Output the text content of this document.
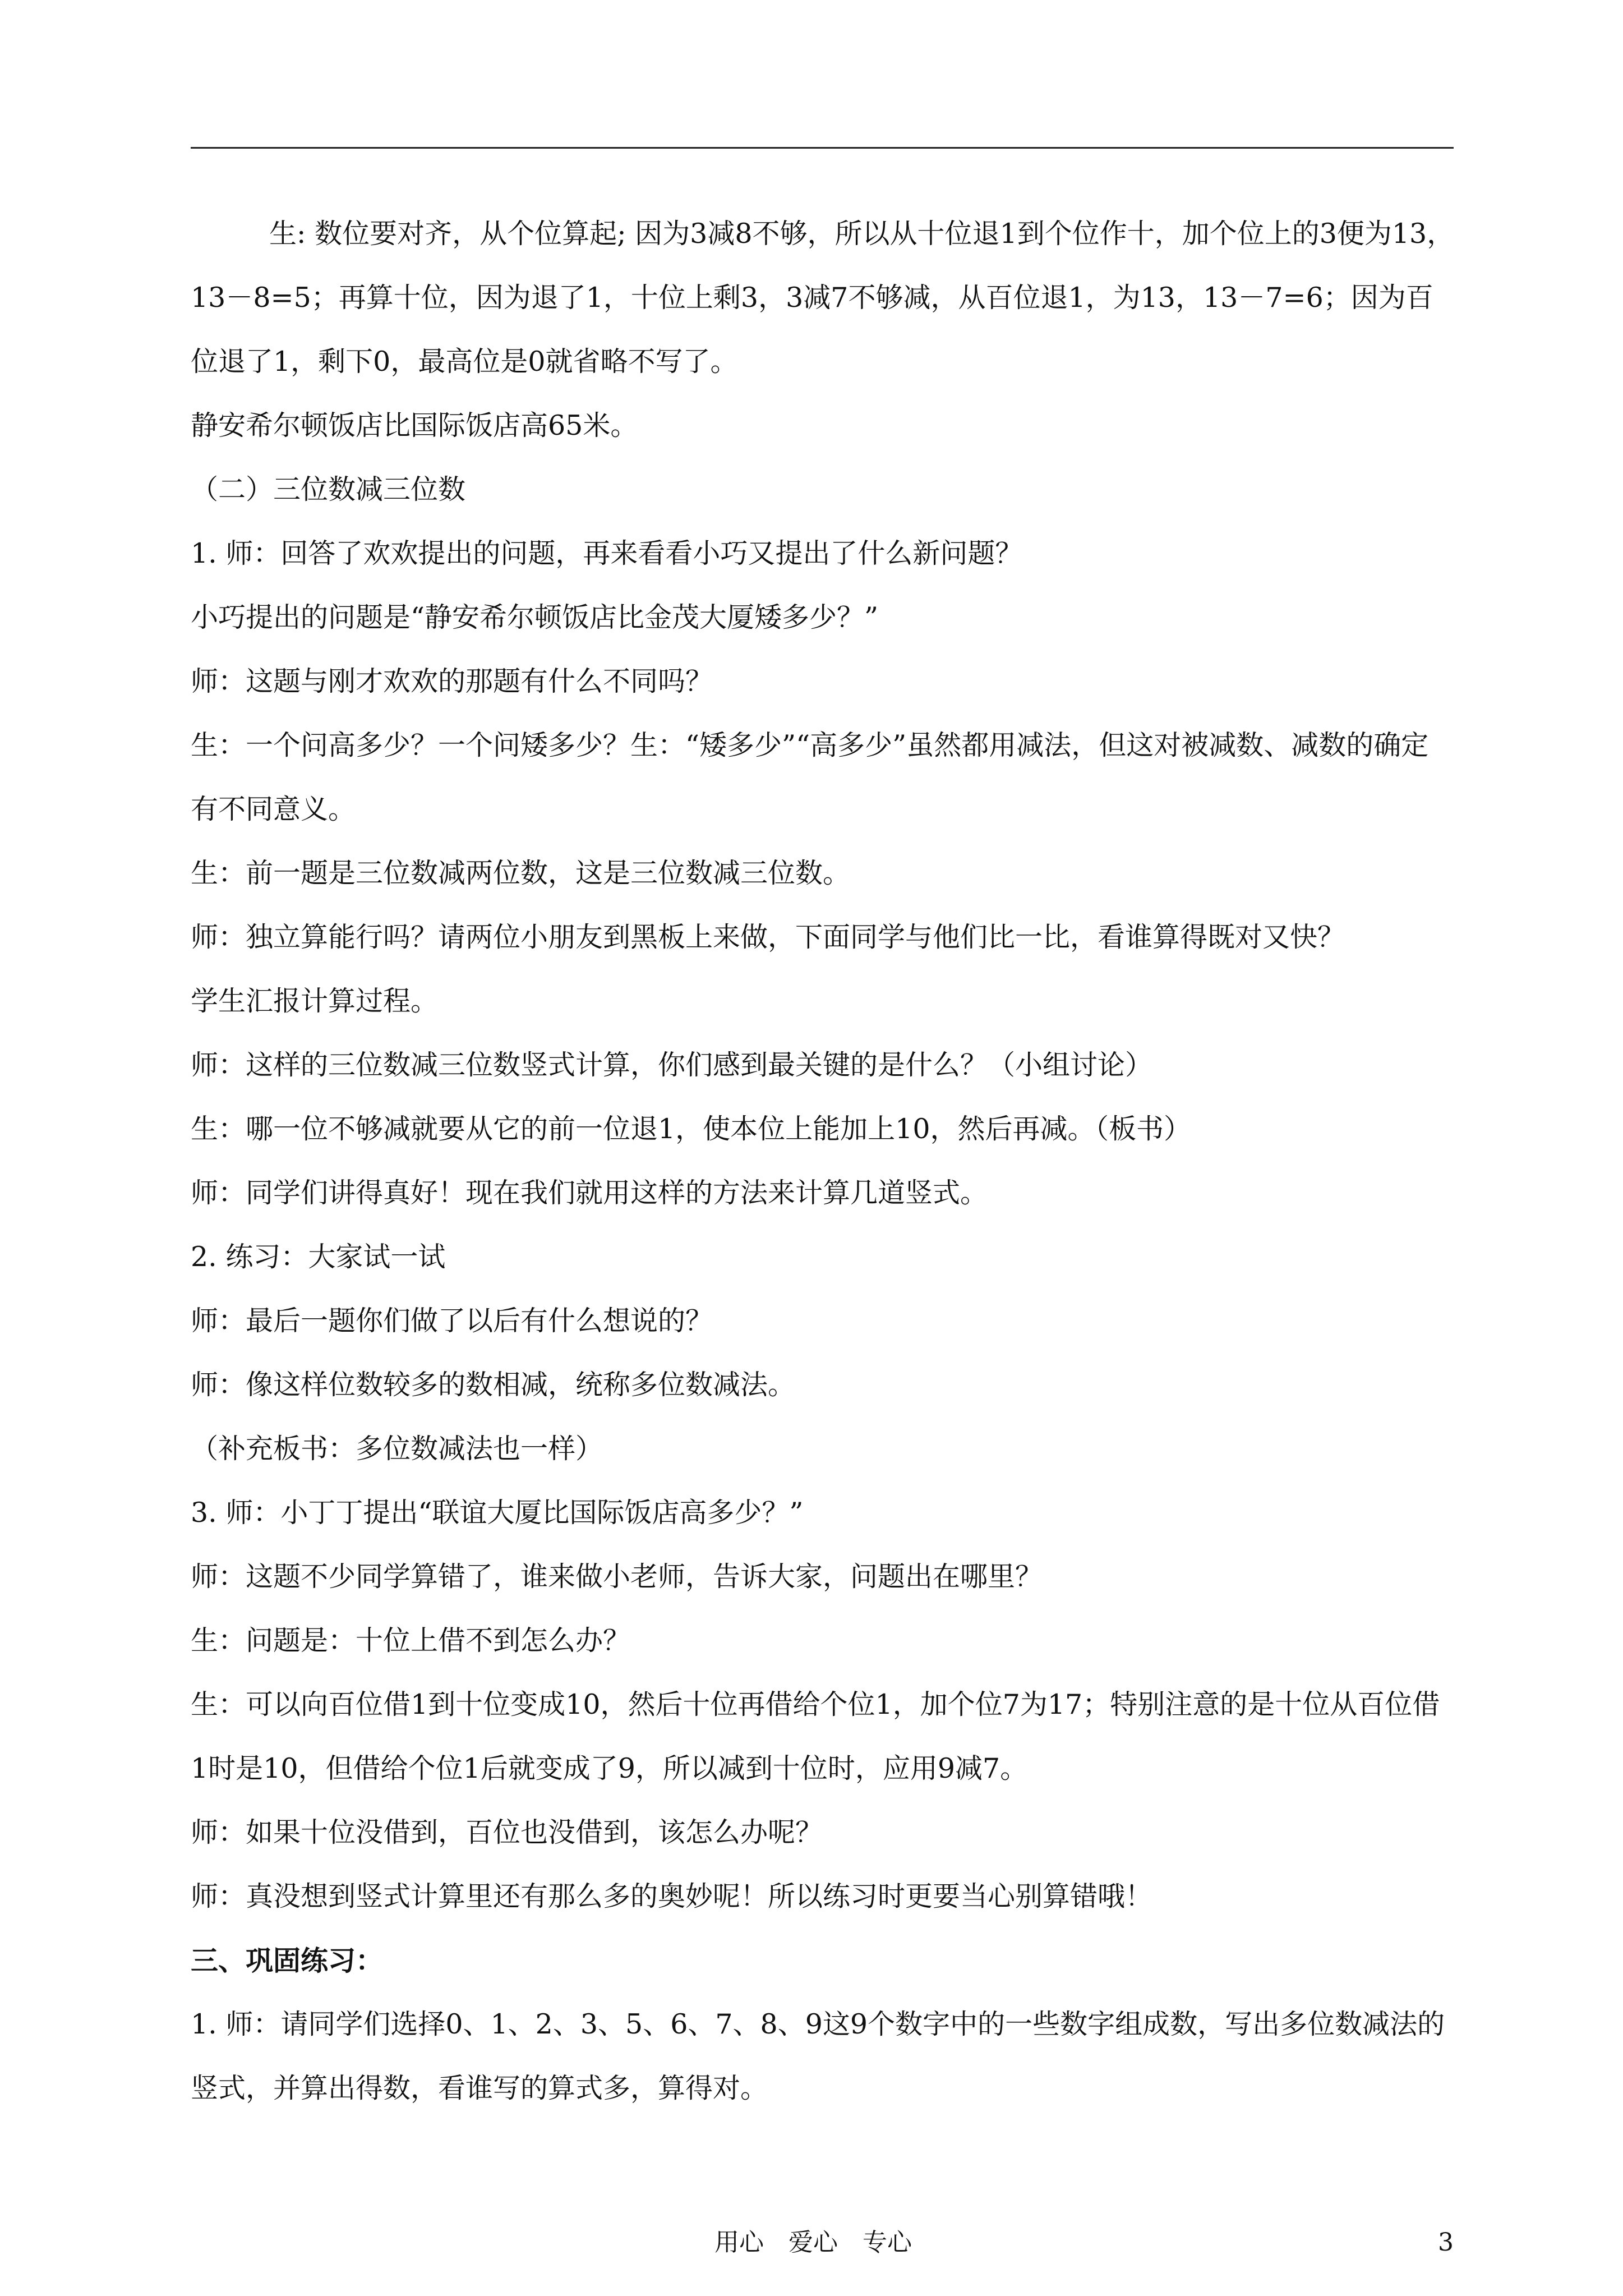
生: 数位要对齐，从个位算起; 因为3减8不够，所以从十位退1到个位作十，加个位上的3便为13，13－8=5；再算十位，因为退了1，十位上剩3，3减7不够减，从百位退1，为13，13－7=6；因为百位退了1，剩下0，最高位是0就省略不写了。

静安希尔顿饭店比国际饭店高65米。

（二）三位数减三位数

1. 师：回答了欢欢提出的问题，再来看看小巧又提出了什么新问题？

小巧提出的问题是“静安希尔顿饭店比金茂大厦矮多少？”

师：这题与刚才欢欢的那题有什么不同吗？

生：一个问高多少？一个问矮多少？生：“矮多少”“高多少”虽然都用减法，但这对被减数、减数的确定有不同意义。

生：前一题是三位数减两位数，这是三位数减三位数。

师：独立算能行吗？请两位小朋友到黑板上来做，下面同学与他们比一比，看谁算得既对又快？

学生汇报计算过程。

师：这样的三位数减三位数竖式计算，你们感到最关键的是什么？（小组讨论）

生：哪一位不够减就要从它的前一位退1，使本位上能加上10，然后再减。（板书）

师：同学们讲得真好！现在我们就用这样的方法来计算几道竖式。

2. 练习：大家试一试

师：最后一题你们做了以后有什么想说的？

师：像这样位数较多的数相减，统称多位数减法。

（补充板书：多位数减法也一样）

3. 师：小丁丁提出“联谊大厦比国际饭店高多少？”

师：这题不少同学算错了，谁来做小老师，告诉大家，问题出在哪里？

生：问题是：十位上借不到怎么办？

生：可以向百位借1到十位变成10，然后十位再借给个位1，加个位7为17；特别注意的是十位从百位借1时是10，但借给个位1后就变成了9，所以减到十位时，应用9减7。

师：如果十位没借到，百位也没借到，该怎么办呢？

师：真没想到竖式计算里还有那么多的奥妙呢！所以练习时更要当心别算错哦！

三、巩固练习：

1. 师：请同学们选择0、1、2、3、5、6、7、8、9这9个数字中的一些数字组成数，写出多位数减法的竖式，并算出得数，看谁写的算式多，算得对。

用心　爱心　专心	3
